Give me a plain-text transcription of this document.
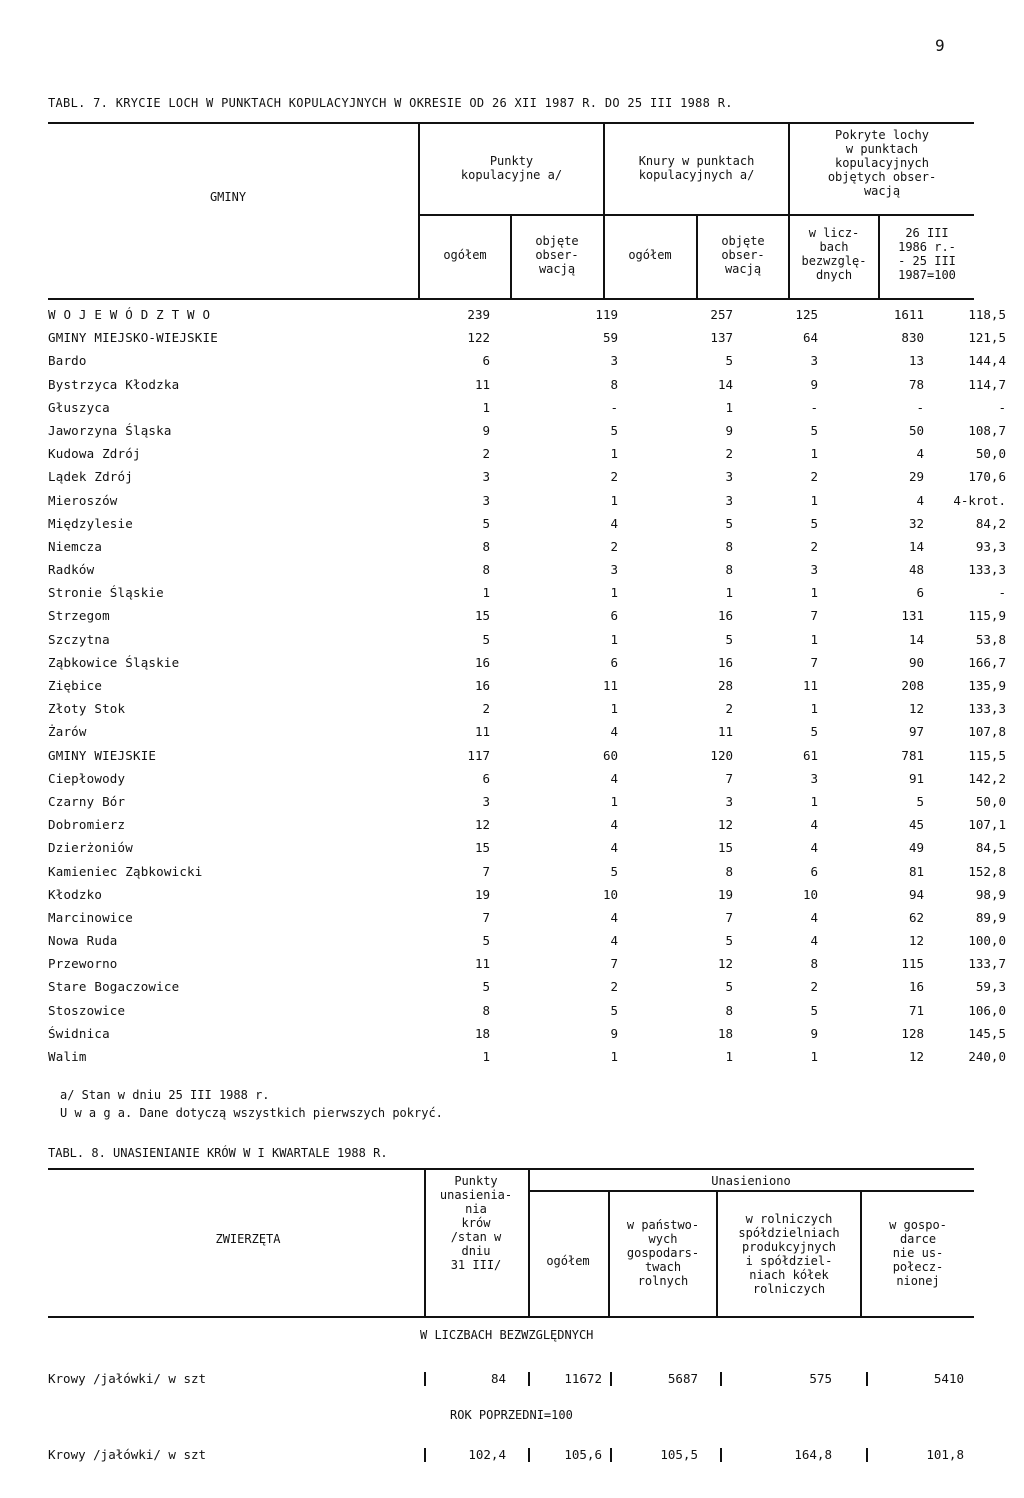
9
TABL. 7. KRYCIE LOCH W PUNKTACH KOPULACYJNYCH W OKRESIE OD 26 XII 1987 R. DO 25 III 1988 R.
GMINY
Punkty
kopulacyjne a/
Knury w punktach
kopulacyjnych a/
Pokryte lochy
w punktach
kopulacyjnych
objętych obser-
wacją
ogółem
objęte
obser-
wacją
ogółem
objęte
obser-
wacją
w licz-
bach
bezwzglę-
dnych
26 III
1986 r.-
- 25 III
1987=100
W O J E W Ó D Z T W O	239	119	257	125	1611	118,5
GMINY MIEJSKO-WIEJSKIE	122	59	137	64	830	121,5
Bardo	6	3	5	3	13	144,4
Bystrzyca Kłodzka	11	8	14	9	78	114,7
Głuszyca	1	-	1	-	-	-
Jaworzyna Śląska	9	5	9	5	50	108,7
Kudowa Zdrój	2	1	2	1	4	50,0
Lądek Zdrój	3	2	3	2	29	170,6
Mieroszów	3	1	3	1	4	4-krot.
Międzylesie	5	4	5	5	32	84,2
Niemcza	8	2	8	2	14	93,3
Radków	8	3	8	3	48	133,3
Stronie Śląskie	1	1	1	1	6	-
Strzegom	15	6	16	7	131	115,9
Szczytna	5	1	5	1	14	53,8
Ząbkowice Śląskie	16	6	16	7	90	166,7
Ziębice	16	11	28	11	208	135,9
Złoty Stok	2	1	2	1	12	133,3
Żarów	11	4	11	5	97	107,8
GMINY WIEJSKIE	117	60	120	61	781	115,5
Ciepłowody	6	4	7	3	91	142,2
Czarny Bór	3	1	3	1	5	50,0
Dobromierz	12	4	12	4	45	107,1
Dzierżoniów	15	4	15	4	49	84,5
Kamieniec Ząbkowicki	7	5	8	6	81	152,8
Kłodzko	19	10	19	10	94	98,9
Marcinowice	7	4	7	4	62	89,9
Nowa Ruda	5	4	5	4	12	100,0
Przeworno	11	7	12	8	115	133,7
Stare Bogaczowice	5	2	5	2	16	59,3
Stoszowice	8	5	8	5	71	106,0
Świdnica	18	9	18	9	128	145,5
Walim	1	1	1	1	12	240,0
a/ Stan w dniu 25 III 1988 r.
U w a g a. Dane dotyczą wszystkich pierwszych pokryć.
TABL. 8. UNASIENIANIE KRÓW W I KWARTALE 1988 R.
ZWIERZĘTA
Punkty
unasienia-
nia
krów
/stan w
dniu
31 III/
Unasieniono
ogółem
w państwo-
wych
gospodars-
twach
rolnych
w rolniczych
spółdzielniach
produkcyjnych
i spółdziel-
niach kółek
rolniczych
w gospo-
darce
nie us-
połecz-
nionej
W LICZBACH BEZWZGLĘDNYCH
Krowy /jałówki/ w szt	84	11672	5687	575	5410
ROK POPRZEDNI=100
Krowy /jałówki/ w szt	102,4	105,6	105,5	164,8	101,8
